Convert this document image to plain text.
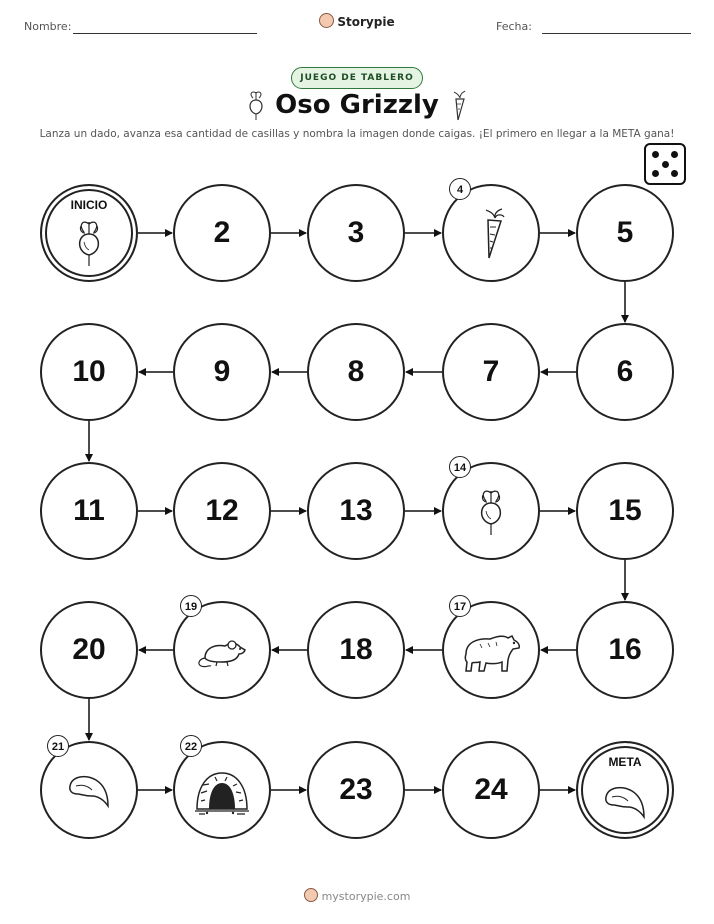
Nombre:	Storypie	Fecha:
JUEGO DE TABLERO
Oso Grizzly
Lanza un dado, avanza esa cantidad de casillas y nombra la imagen donde caigas. ¡El primero en llegar a la META gana!
INICIO
2	3
4
5
6
7
8
9
10
11	12	13
14
15
16
17
18
19
20
21	22
23	24
META
mystorypie.com
